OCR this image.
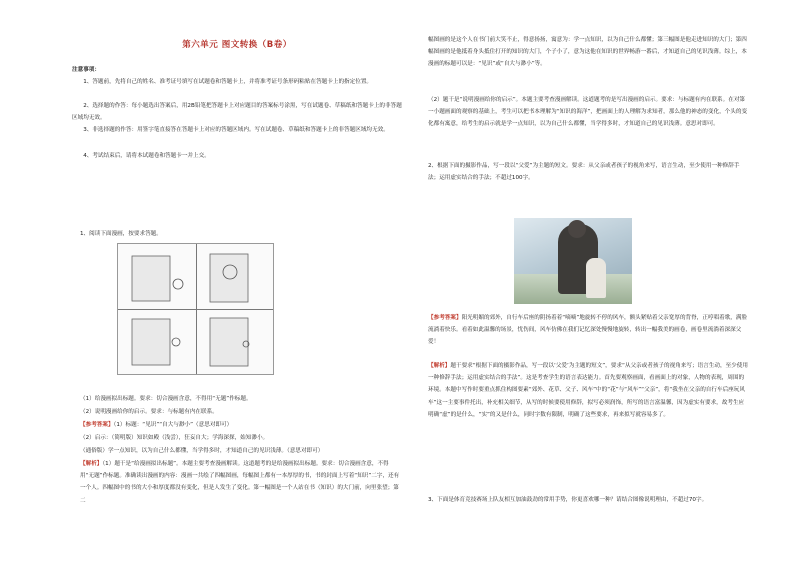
第六单元 图文转换（B卷）
注意事项：
1、答题前，先将自己的姓名、准考证号填写在试题卷和答题卡上，并将准考证号条形码粘贴在答题卡上的指定位置。
2、选择题的作答：每小题选出答案后，用2B铅笔把答题卡上对应题目的答案标号涂黑，写在试题卷、草稿纸和答题卡上的非答题区域均无效。
3、非选择题的作答：用签字笔直接答在答题卡上对应的答题区域内。写在试题卷、草稿纸和答题卡上的非答题区域均无效。
4、考试结束后，请将本试题卷和答题卡一并上交。
1、阅读下面漫画，按要求答题。
（1）给漫画拟出标题。要求：切合漫画含意，不得用“无题”作标题。
（2）说明漫画给你的启示。要求：与标题有内在联系。
【参考答案】（1）标题：“见识”“自大与渺小”（意思对即可）
（2）启示：（简明版）知识如殿（浅尝），狂妄自大；学海深探，始知渺小。
（通俗版）学一点知识，以为自己什么都懂，当学得多时，才知道自己的见识浅薄。（意思对即可）
【解析】（1）题干是“给漫画拟出标题”。本题主要考查漫画解读。这道题考的是给漫画拟出标题。要求：切合漫画含意，不得用“无题”作标题。准确读出漫画的内容：漫画一共绘了四幅图画，每幅图上都有一本厚厚的书，书的封面上写着“知识”二字，还有一个人。四幅图中的书的大小和厚度都没有变化，但是人发生了变化。第一幅图是一个人站在书（知识）的大门前，向里张望；第二
幅图画的是这个人在书门前大笑不止，得意扬扬，寓意为：学一点知识，以为自己什么都懂；第三幅图是他走进知识的大门；第四幅图画的是他抵着身头抵住打开的知识的大门，个子小了，意为这他在知识的世界畅游一番后，才知道自己的见识浅薄。综上，本漫画的标题可以是：“见识”或“自大与渺小”等。
（2）题干是“说明漫画给你的启示”。本题主要考查漫画解读。这道题考的是写出漫画的启示。要求：与标题有内在联系。在对第一小题画面的观察的基础上，考生可以把书本理解为“知识的海洋”，把画面上的人理解为求知者，那么他的神态的变化，个头的变化都有寓意，给考生的启示就是学一点知识，以为自己什么都懂，当学得多时，才知道自己的见识浅薄。意思对即可。
2、根据下面的摄影作品，写一段以“父爱”为主题的短文。要求：从父亲或者孩子的视角来写，语言生动，至少使用一种修辞手法；运用虚实结合的手法；不超过100字。
【参考答案】阳光明媚的郊外，自行车后座的阴扬着着“嘀嘀”地旋转不停的风车，额头紧贴着父亲宽厚的背脊，正哼唱着歌，满脸流淌着快乐。看着如此温馨的场景，忧伤间，风车仿佛在我们记忆深处慢慢地旋转，转出一幅我美的画卷，画卷里流淌着深深父爱！
【解析】题干要求“根据下面的摄影作品，写一段以‘父爱’为主题的短文”，要求“从父亲或者孩子的视角来写；语言生动，至少使用一种修辞手法；运用虚实结合的手法”。这是考查学生的语言表达能力。首先要观察画面，看画面上的对象，人物的表现，周围的环境。本题中写作时要重点抓住构图要素“郊外、花草、父子、风车”中的“花”与“风车”“父亲”，将“我坐在父亲的自行车后座玩风车”这一主要事件托出，补充相关细节，从写的时候要使用修辞，拟写必须润饰，所写的语言富温馨，因为虚实有要求，故考生应明确“虚”的是什么，“实”的又是什么，同时字数有限制，明确了这些要求，再来拟写就容易多了。
3、下面是体育竞技赛场上队友相互加油鼓劲的常用手势，你更喜欢哪一种？请结合图像说明理由，不超过70字。
